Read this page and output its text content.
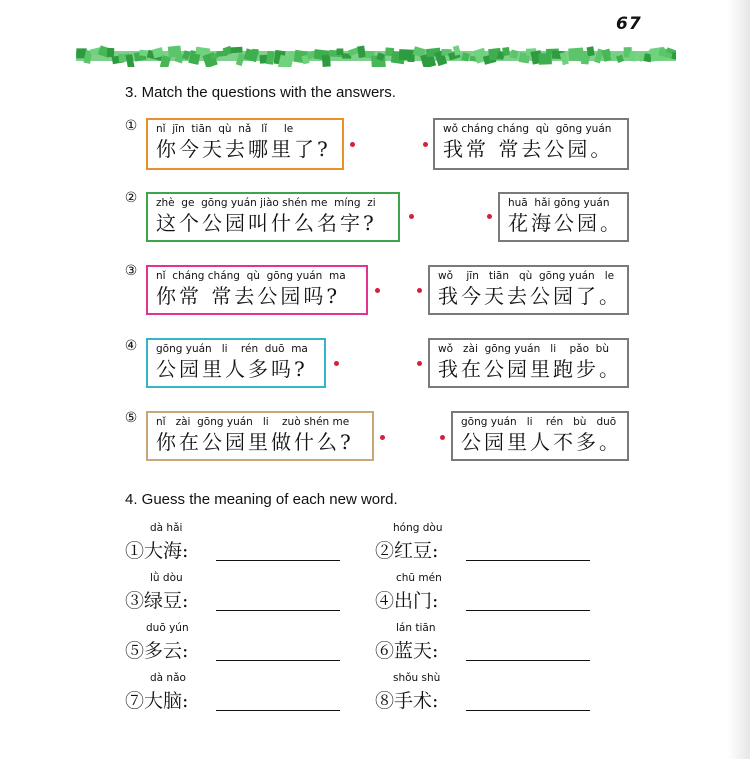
67
3. Match the questions with the answers.
①
②
③
④
⑤
nǐ  jīn  tiān  qù  nǎ   lǐ     le
你今天去哪里了?
zhè  ge  gōng yuán jiào shén me  míng  zi
这个公园叫什么名字?
nǐ  cháng cháng  qù  gōng yuán  ma
你常 常去公园吗?
gōng yuán   li    rén  duō  ma
公园里人多吗?
nǐ   zài  gōng yuán   li    zuò shén me
你在公园里做什么?
wǒ cháng cháng  qù  gōng yuán
我常 常去公园。
huā  hǎi gōng yuán
花海公园。
wǒ    jīn   tiān   qù  gōng yuán   le
我今天去公园了。
wǒ   zài  gōng yuán   li    pǎo  bù
我在公园里跑步。
gōng yuán   li    rén   bù   duō
公园里人不多。
4. Guess the meaning of each new word.
dà hǎi
①大海:
hóng dòu
②红豆:
lǜ dòu
③绿豆:
chū mén
④出门:
duō yún
⑤多云:
lán tiān
⑥蓝天:
dà nǎo
⑦大脑:
shǒu shù
⑧手术:
